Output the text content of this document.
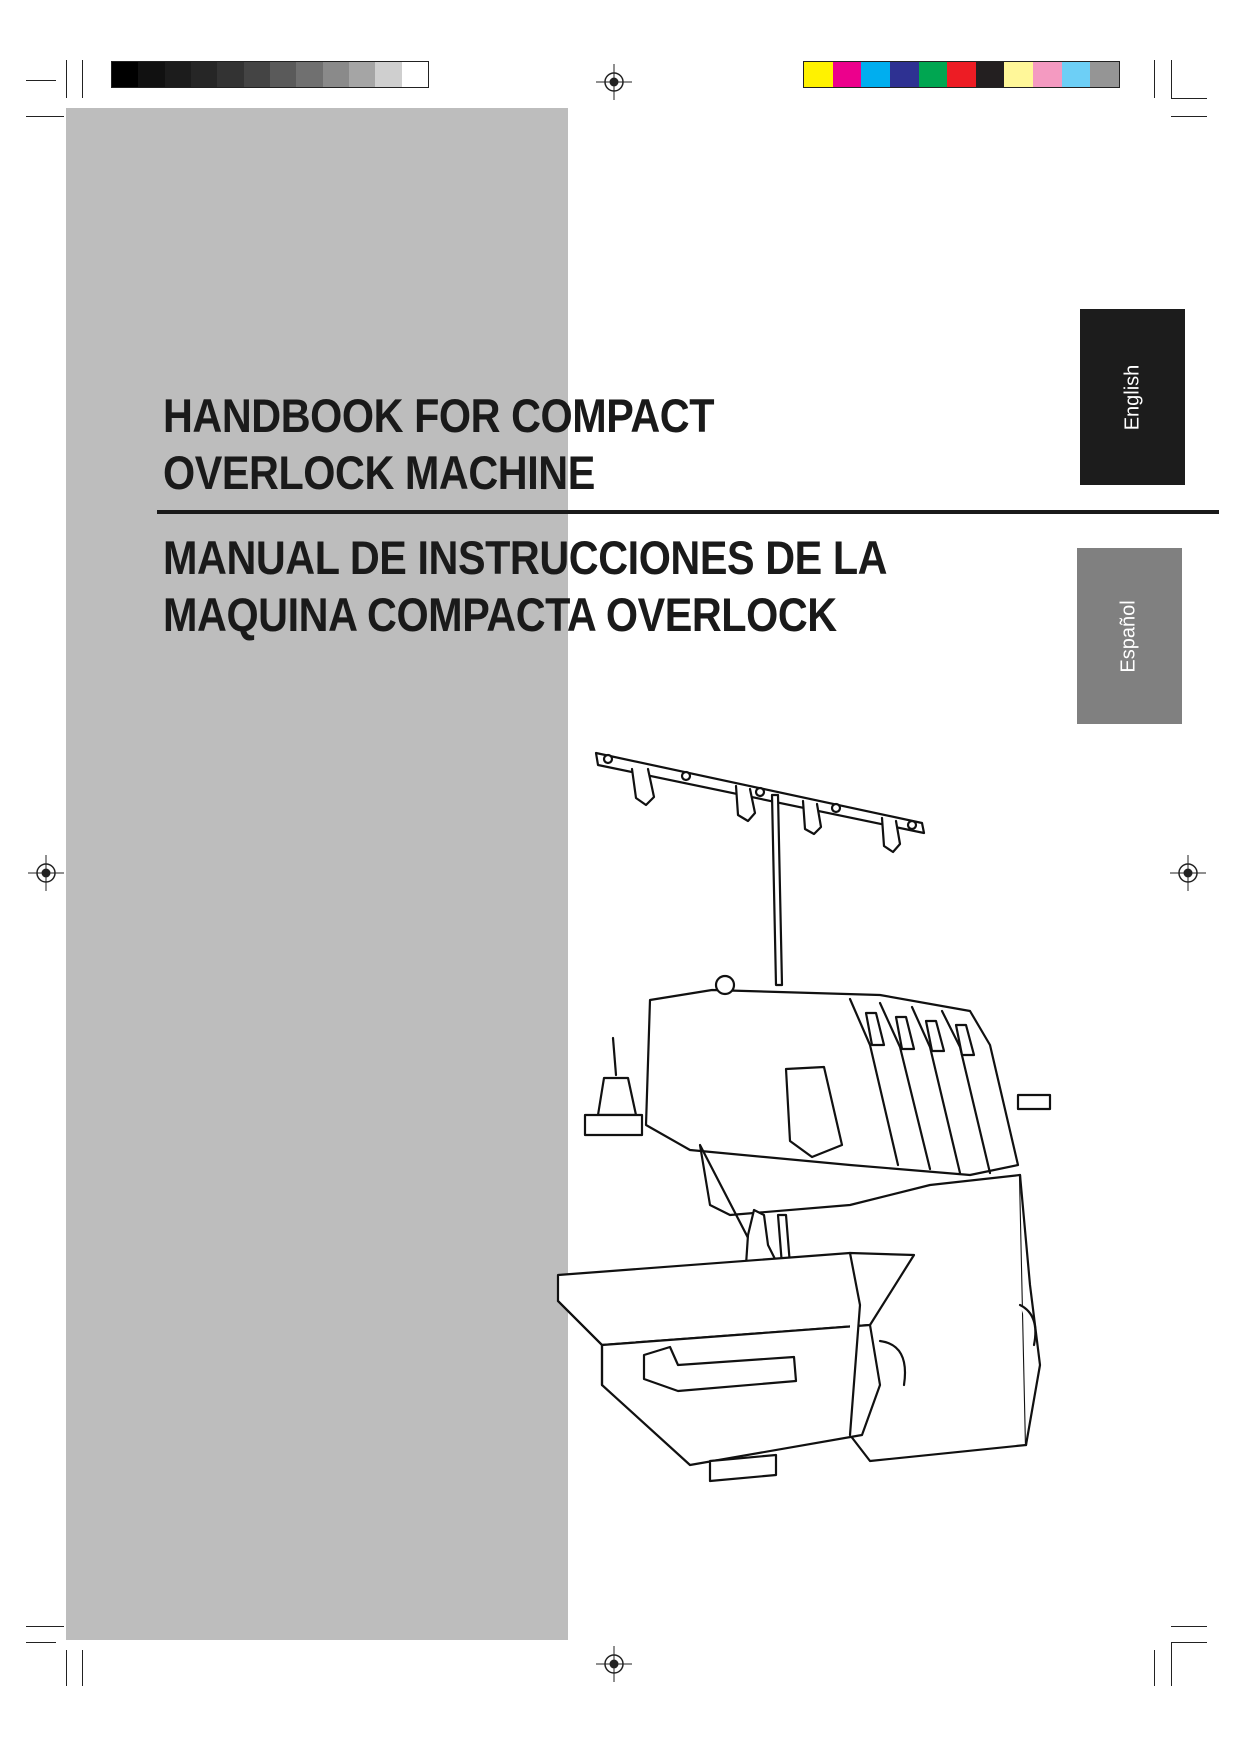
HANDBOOK FOR COMPACT
OVERLOCK MACHINE
MANUAL DE INSTRUCCIONES DE LA
MAQUINA COMPACTA OVERLOCK
English
Español
